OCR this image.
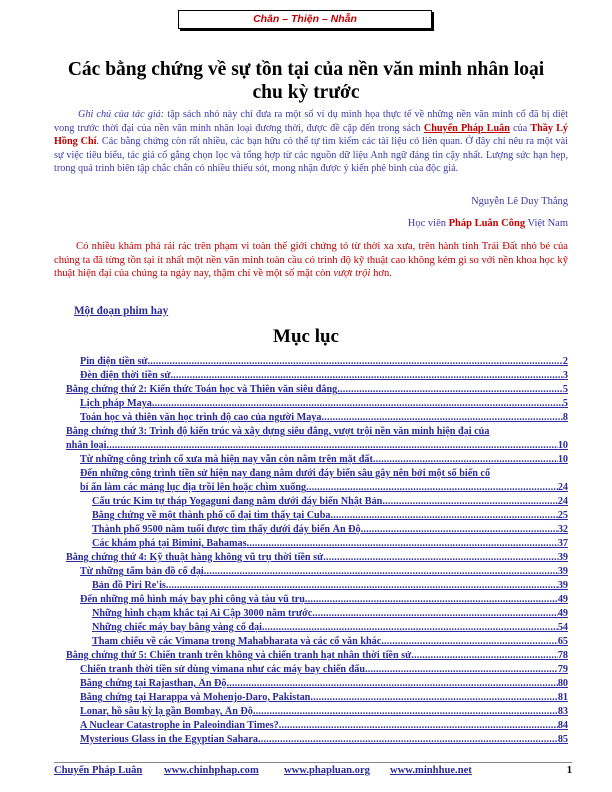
Chân – Thiện – Nhẫn
Các bằng chứng về sự tồn tại của nền văn minh nhân loại
chu kỳ trước
Ghi chú của tác giả: tập sách nhỏ này chỉ đưa ra một số ví dụ minh họa thực tế về những nền văn minh cổ đã bị diệt vong trước thời đại của nền văn minh nhân loại đương thời, được đề cập đến trong sách Chuyển Pháp Luân của Thầy Lý Hồng Chí. Các bằng chứng còn rất nhiều, các bạn hữu có thể tự tìm kiếm các tài liệu có liên quan. Ở đây chỉ nêu ra một vài sự việc tiêu biểu, tác giả cố gắng chọn lọc và tổng hợp từ các nguồn dữ liệu Anh ngữ đáng tin cậy nhất. Lượng sức hạn hẹp, trong quá trình biên tập chắc chắn có nhiều thiếu sót, mong nhận được ý kiến phê bình của độc giả.
Nguyễn Lê Duy Thắng
Học viên Pháp Luân Công Việt Nam
Có nhiều khám phá rải rác trên phạm vi toàn thế giới chứng tỏ từ thời xa xưa, trên hành tinh Trái Đất nhỏ bé của chúng ta đã từng tồn tại ít nhất một nền văn minh toàn cầu có trình độ kỹ thuật cao không kém gì so với nền khoa học kỹ thuật hiện đại của chúng ta ngày nay, thậm chí về một số mặt còn vượt trội hơn.
Một đoạn phim hay
Mục lục
Pin điện tiền sử .....	2
Đèn điện thời tiền sử .....	3
Bằng chứng thứ 2: Kiến thức Toán học và Thiên văn siêu đẳng .....	5
Lịch pháp Maya .....	5
Toán học và thiên văn học trình độ cao của người Maya .....	8
Bằng chứng thứ 3: Trình độ kiến trúc và xây dựng siêu đẳng, vượt trội nền văn minh hiện đại của
nhân loại .....	10
Từ những công trình cổ xưa mà hiện nay vẫn còn nằm trên mặt đất .....	10
Đến những công trình tiền sử hiện nay đang nằm dưới đáy biển sâu gây nên bởi một số biến cố
bí ẩn làm các mảng lục địa trồi lên hoặc chìm xuống .....	24
Cấu trúc Kim tự tháp Yogaguni đang nằm dưới đáy biển Nhật Bản .....	24
Bằng chứng về một thành phố cổ đại tìm thấy tại Cuba .....	25
Thành phố 9500 năm tuổi được tìm thấy dưới đáy biển Ấn Độ .....	32
Các khám phá tại Bimini, Bahamas .....	37
Bằng chứng thứ 4: Kỹ thuật hàng không vũ trụ thời tiền sử .....	39
Từ những tấm bản đồ cổ đại .....	39
Bản đồ Piri Re'is .....	39
Đến những mô hình máy bay phi công và tàu vũ trụ .....	49
Những hình chạm khắc tại Ai Cập 3000 năm trước .....	49
Những chiếc máy bay bằng vàng cổ đại .....	54
Tham chiếu về các Vimana trong Mahabharata và các cổ văn khác .....	65
Bằng chứng thứ 5: Chiến tranh trên không và chiến tranh hạt nhân thời tiền sử .....	78
Chiến tranh thời tiền sử dùng vimana như các máy bay chiến đấu .....	79
Bằng chứng tại Rajasthan, Ấn Độ .....	80
Bằng chứng tại Harappa và Mohenjo-Daro, Pakistan .....	81
Lonar, hồ sâu kỳ lạ gần Bombay, Ấn Độ .....	83
A Nuclear Catastrophe in Paleoindian Times? .....	84
Mysterious Glass in the Egyptian Sahara .....	85
Chuyển Pháp Luân www.chinhphap.com www.phapluan.org www.minhhue.net	1
